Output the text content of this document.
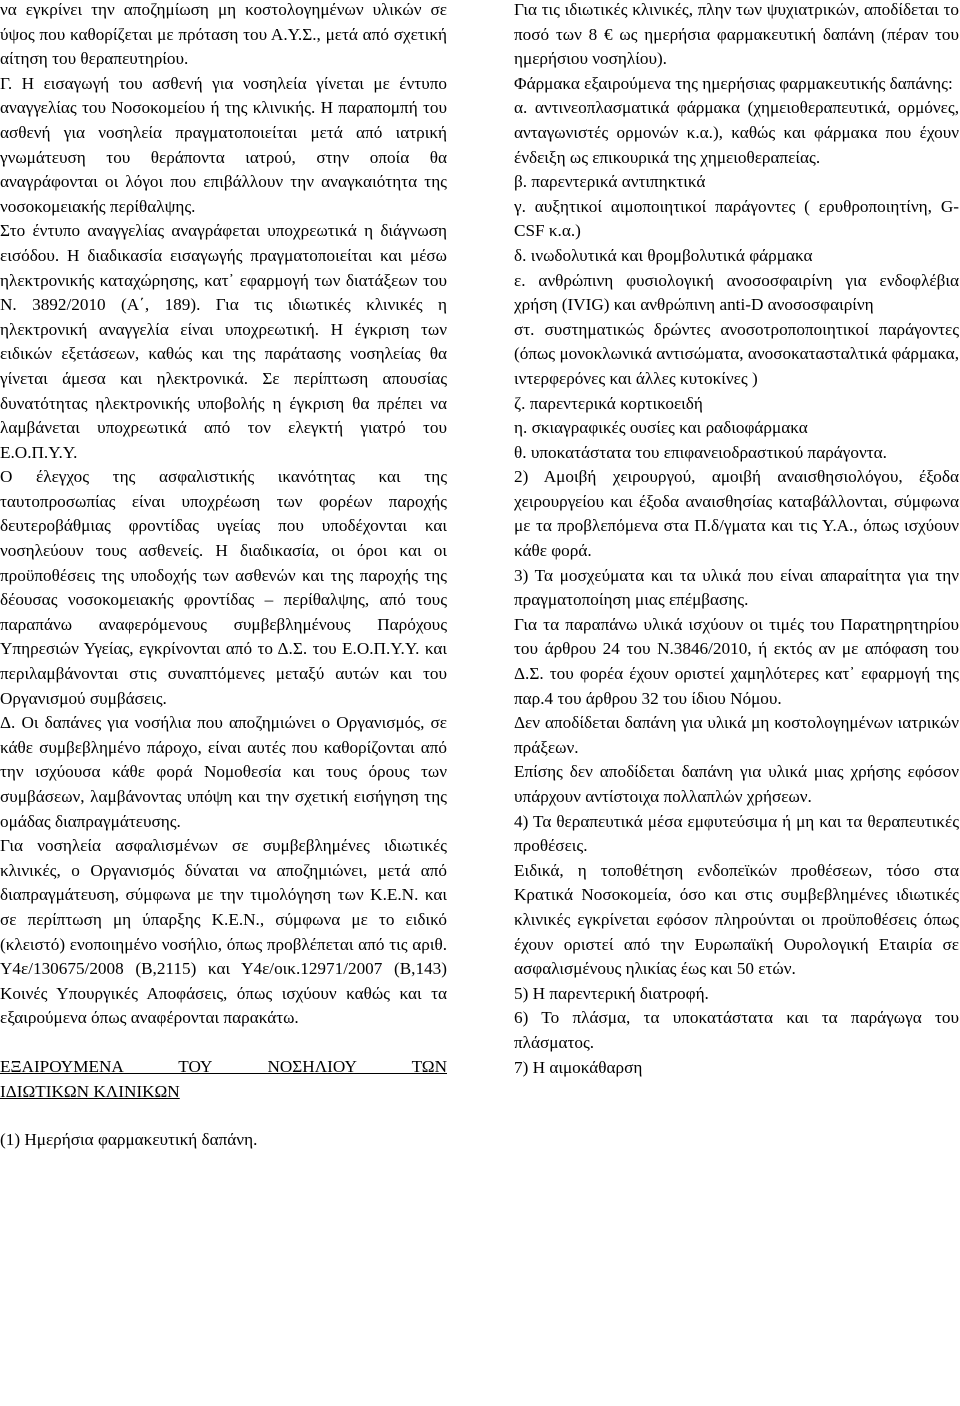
να εγκρίνει την αποζημίωση μη κοστολογημένων υλικών σε ύψος που καθορίζεται με πρόταση του Α.Υ.Σ., μετά από σχετική αίτηση του θεραπευτηρίου.

Γ. Η εισαγωγή του ασθενή για νοσηλεία γίνεται με έντυπο αναγγελίας του Νοσοκομείου ή της κλινικής. Η παραπομπή του ασθενή για νοσηλεία πραγματοποιείται μετά από ιατρική γνωμάτευση του θεράποντα ιατρού, στην οποία θα αναγράφονται οι λόγοι που επιβάλλουν την αναγκαιότητα της νοσοκομειακής περίθαλψης.

Στο έντυπο αναγγελίας αναγράφεται υποχρεωτικά η διάγνωση εισόδου. Η διαδικασία εισαγωγής πραγματοποιείται και μέσω ηλεκτρονικής καταχώρησης, κατ᾽ εφαρμογή των διατάξεων του Ν. 3892/2010 (Α΄, 189). Για τις ιδιωτικές κλινικές η ηλεκτρονική αναγγελία είναι υποχρεωτική. Η έγκριση των ειδικών εξετάσεων, καθώς και της παράτασης νοσηλείας θα γίνεται άμεσα και ηλεκτρονικά. Σε περίπτωση απουσίας δυνατότητας ηλεκτρονικής υποβολής η έγκριση θα πρέπει να λαμβάνεται υποχρεωτικά από τον ελεγκτή γιατρό του Ε.Ο.Π.Υ.Υ.

Ο έλεγχος της ασφαλιστικής ικανότητας και της ταυτοπροσωπίας είναι υποχρέωση των φορέων παροχής δευτεροβάθμιας φροντίδας υγείας που υποδέχονται και νοσηλεύουν τους ασθενείς. Η διαδικασία, οι όροι και οι προϋποθέσεις της υποδοχής των ασθενών και της παροχής της δέουσας νοσοκομειακής φροντίδας – περίθαλψης, από τους παραπάνω αναφερόμενους συμβεβλημένους Παρόχους Υπηρεσιών Υγείας, εγκρίνονται από το Δ.Σ. του Ε.Ο.Π.Υ.Υ. και περιλαμβάνονται στις συναπτόμενες μεταξύ αυτών και του Οργανισμού συμβάσεις.

Δ. Οι δαπάνες για νοσήλια που αποζημιώνει ο Οργανισμός, σε κάθε συμβεβλημένο πάροχο, είναι αυτές που καθορίζονται από την ισχύουσα κάθε φορά Νομοθεσία και τους όρους των συμβάσεων, λαμβάνοντας υπόψη και την σχετική εισήγηση της ομάδας διαπραγμάτευσης.

Για νοσηλεία ασφαλισμένων σε συμβεβλημένες ιδιωτικές κλινικές, ο Οργανισμός δύναται να αποζημιώνει, μετά από διαπραγμάτευση, σύμφωνα με την τιμολόγηση των Κ.Ε.Ν. και σε περίπτωση μη ύπαρξης Κ.Ε.Ν., σύμφωνα με το ειδικό (κλειστό) ενοποιημένο νοσήλιο, όπως προβλέπεται από τις αριθ. Υ4ε/130675/2008 (Β,2115) και Υ4ε/οικ.12971/2007 (Β,143) Κοινές Υπουργικές Αποφάσεις, όπως ισχύουν καθώς και τα εξαιρούμενα όπως αναφέρονται παρακάτω.

ΕΞΑΙΡΟΥΜΕΝΑ ΤΟΥ ΝΟΣΗΛΙΟΥ ΤΩΝ

ΙΔΙΩΤΙΚΩΝ ΚΛΙΝΙΚΩΝ

(1) Ημερήσια φαρμακευτική δαπάνη.

Για τις ιδιωτικές κλινικές, πλην των ψυχιατρικών, αποδίδεται το ποσό των 8 € ως ημερήσια φαρμακευτική δαπάνη (πέραν του ημερήσιου νοσηλίου).

Φάρμακα εξαιρούμενα της ημερήσιας φαρμακευτικής δαπάνης:

α. αντινεοπλασματικά φάρμακα (χημειοθεραπευτικά, ορμόνες, ανταγωνιστές ορμονών κ.α.), καθώς και φάρμακα που έχουν ένδειξη ως επικουρικά της χημειοθεραπείας.

β. παρεντερικά αντιπηκτικά

γ. αυξητικοί αιμοποιητικοί παράγοντες ( ερυθροποιητίνη, G-CSF κ.α.)

δ. ινωδολυτικά και θρομβολυτικά φάρμακα

ε. ανθρώπινη φυσιολογική ανοσοσφαιρίνη για ενδοφλέβια χρήση (IVIG) και ανθρώπινη anti-D ανοσοσφαιρίνη

στ. συστηματικώς δρώντες ανοσοτροποποιητικοί παράγοντες (όπως μονοκλωνικά αντισώματα, ανοσοκατασταλτικά φάρμακα, ιντερφερόνες και άλλες κυτοκίνες )

ζ. παρεντερικά κορτικοειδή

η. σκιαγραφικές ουσίες και ραδιοφάρμακα

θ. υποκατάστατα του επιφανειοδραστικού παράγοντα.

2) Αμοιβή χειρουργού, αμοιβή αναισθησιολόγου, έξοδα χειρουργείου και έξοδα αναισθησίας καταβάλλονται, σύμφωνα με τα προβλεπόμενα στα Π.δ/γματα και τις Υ.Α., όπως ισχύουν κάθε φορά.

3) Τα μοσχεύματα και τα υλικά που είναι απαραίτητα για την πραγματοποίηση μιας επέμβασης.

Για τα παραπάνω υλικά ισχύουν οι τιμές του Παρατηρητηρίου του άρθρου 24 του Ν.3846/2010, ή εκτός αν με απόφαση του Δ.Σ. του φορέα έχουν οριστεί χαμηλότερες κατ᾽ εφαρμογή της παρ.4 του άρθρου 32 του ίδιου Νόμου.

Δεν αποδίδεται δαπάνη για υλικά μη κοστολογημένων ιατρικών πράξεων.

Επίσης δεν αποδίδεται δαπάνη για υλικά μιας χρήσης εφόσον υπάρχουν αντίστοιχα πολλαπλών χρήσεων.

4) Τα θεραπευτικά μέσα εμφυτεύσιμα ή μη και τα θεραπευτικές προθέσεις.

Ειδικά, η τοποθέτηση ενδοπεϊκών προθέσεων, τόσο στα Κρατικά Νοσοκομεία, όσο και στις συμβεβλημένες ιδιωτικές κλινικές εγκρίνεται εφόσον πληρούνται οι προϋποθέσεις όπως έχουν οριστεί από την Ευρωπαϊκή Ουρολογική Εταιρία σε ασφαλισμένους ηλικίας έως και 50 ετών.

5) Η παρεντερική διατροφή.

6) Το πλάσμα, τα υποκατάστατα και τα παράγωγα του πλάσματος.

7) Η αιμοκάθαρση
